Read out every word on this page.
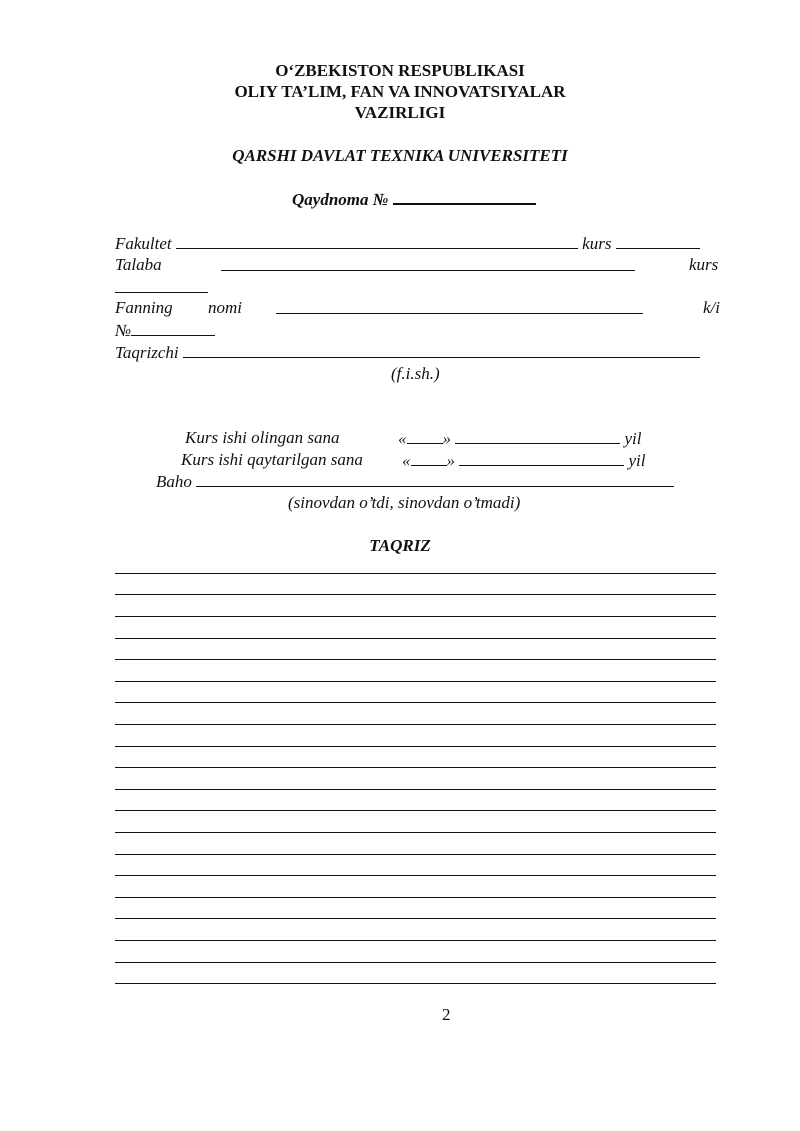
O‘ZBEKISTON RESPUBLIKASI
OLIY TA’LIM, FAN VA INNOVATSIYALAR
VAZIRLIGI
QARSHI DAVLAT TEXNIKA UNIVERSITETI
Qaydnoma №
Fakultet	kurs
Talaba	kurs
Fanning nomi	k/i
№
Taqrizchi
(f.i.sh.)
Kurs ishi olingan sana	« »	yil
Kurs ishi qaytarilgan sana « »	yil
Baho
(sinovdan o’tdi, sinovdan o’tmadi)
TAQRIZ
2
